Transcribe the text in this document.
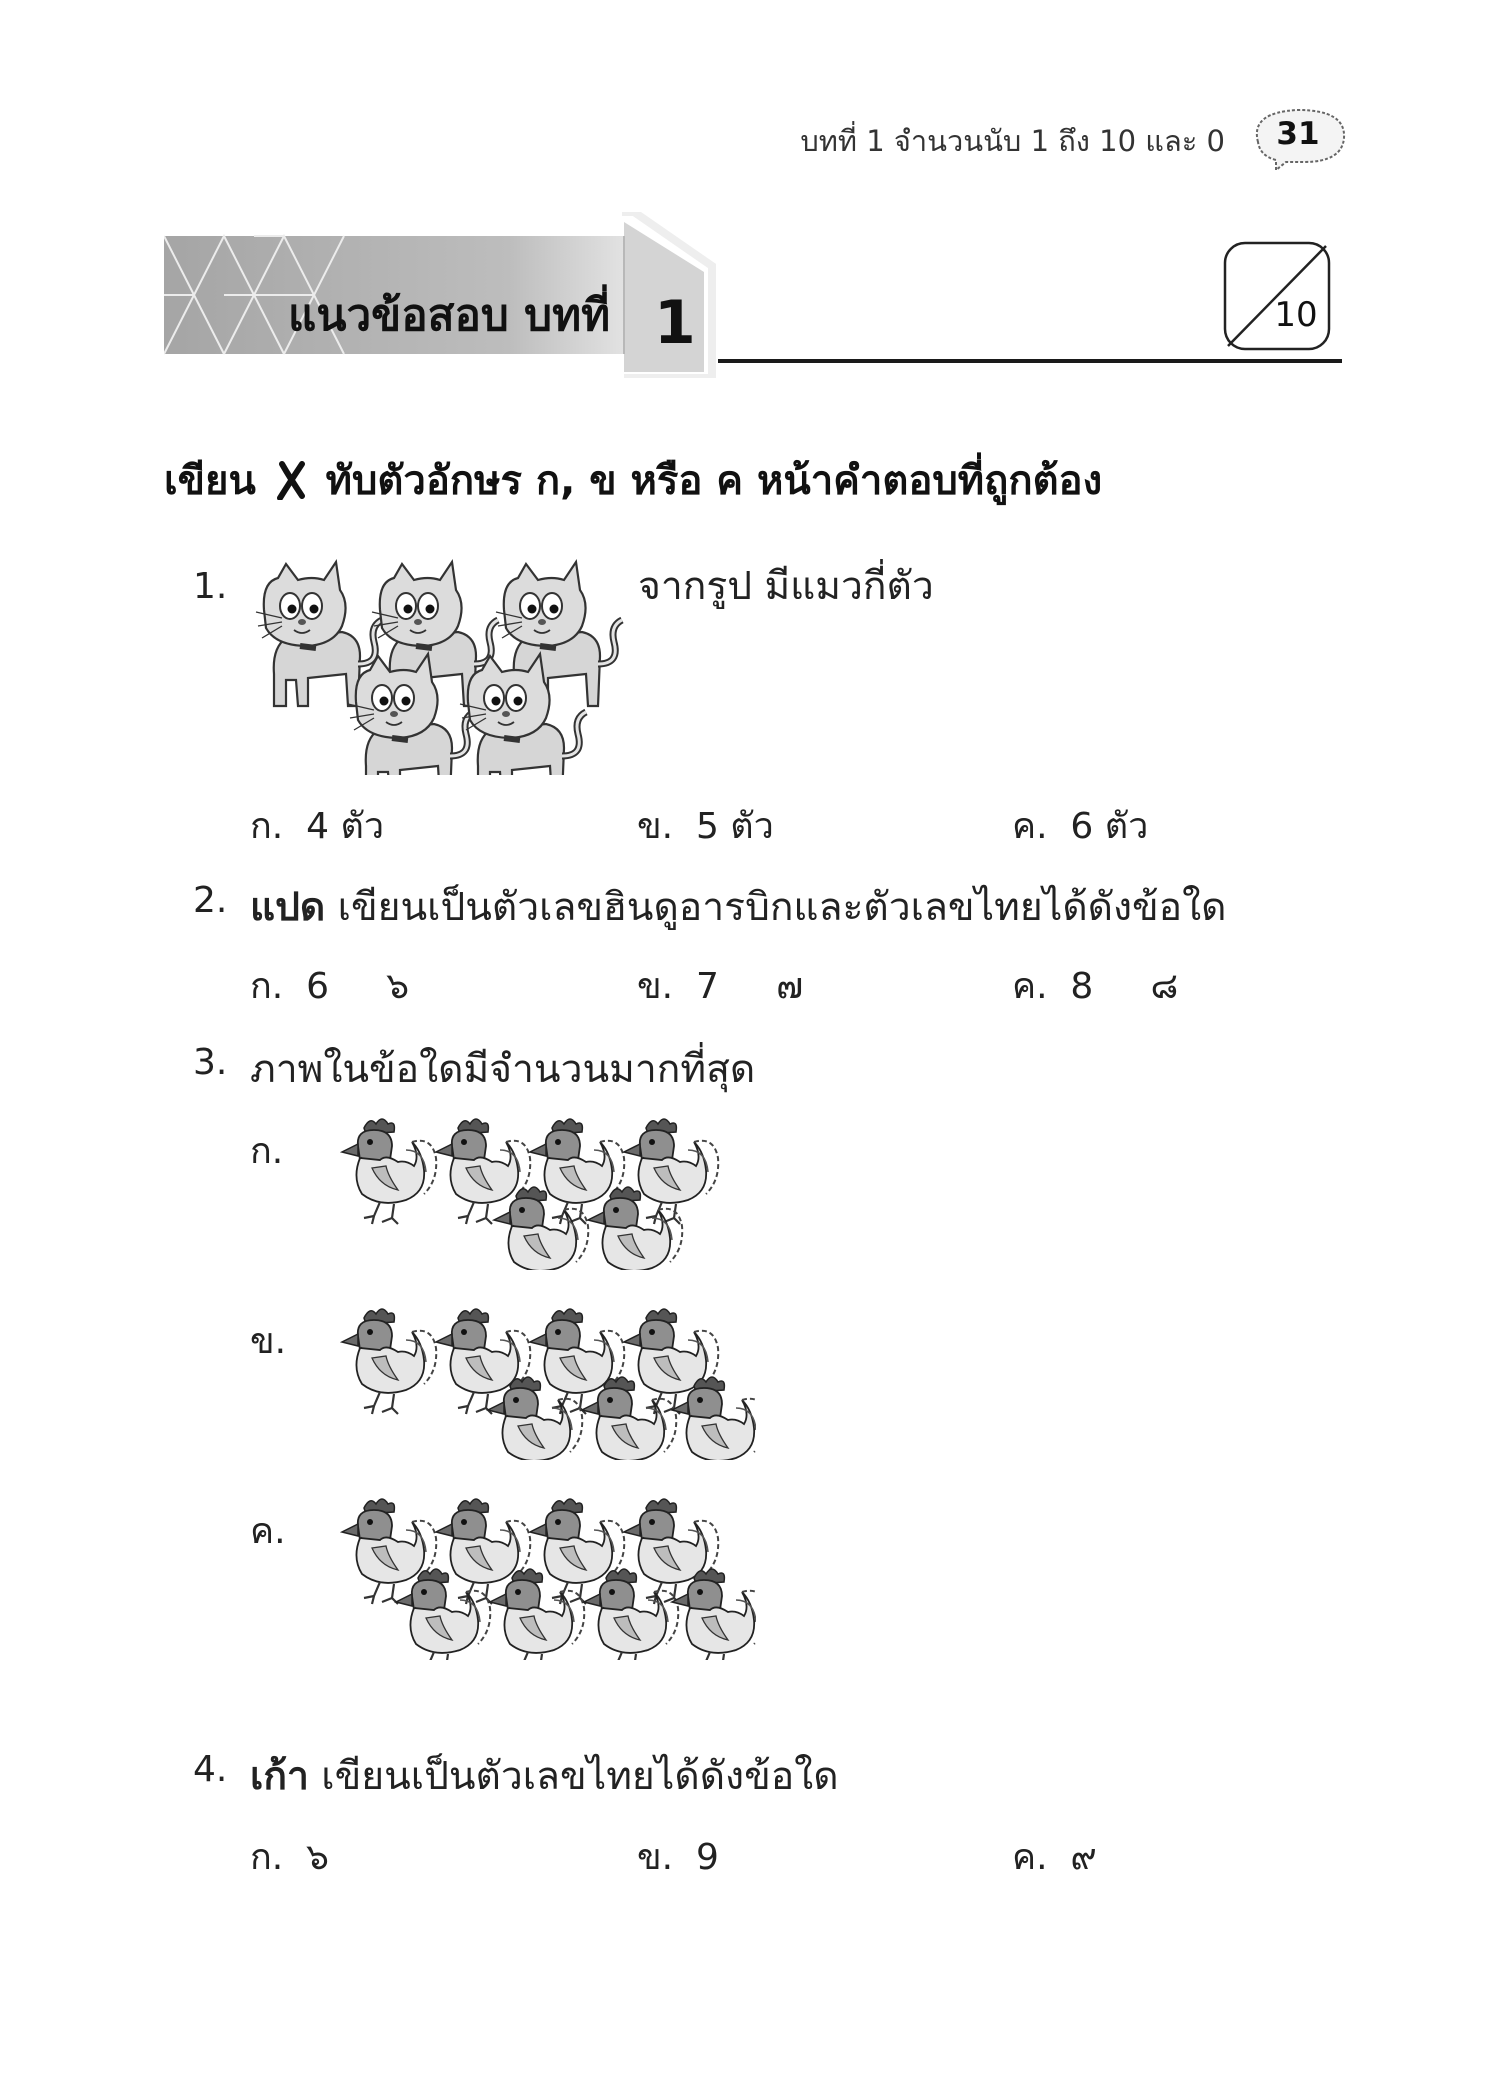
บทที่ 1 จำนวนนับ 1 ถึง 10 และ 0	31
แนวข้อสอบ บทที่ 1	10
เขียน ทับตัวอักษร ก, ข หรือ ค หน้าคำตอบที่ถูกต้อง
1.	จากรูป มีแมวกี่ตัว
ก. 4 ตัว	ข. 5 ตัว	ค. 6 ตัว
2. แปด เขียนเป็นตัวเลขฮินดูอารบิกและตัวเลขไทยได้ดังข้อใด
ก. 6     ๖	ข. 7     ๗	ค. 8     ๘
3. ภาพในข้อใดมีจำนวนมากที่สุด
ก.
ข.
ค.
4. เก้า เขียนเป็นตัวเลขไทยได้ดังข้อใด
ก. ๖	ข. 9	ค. ๙
